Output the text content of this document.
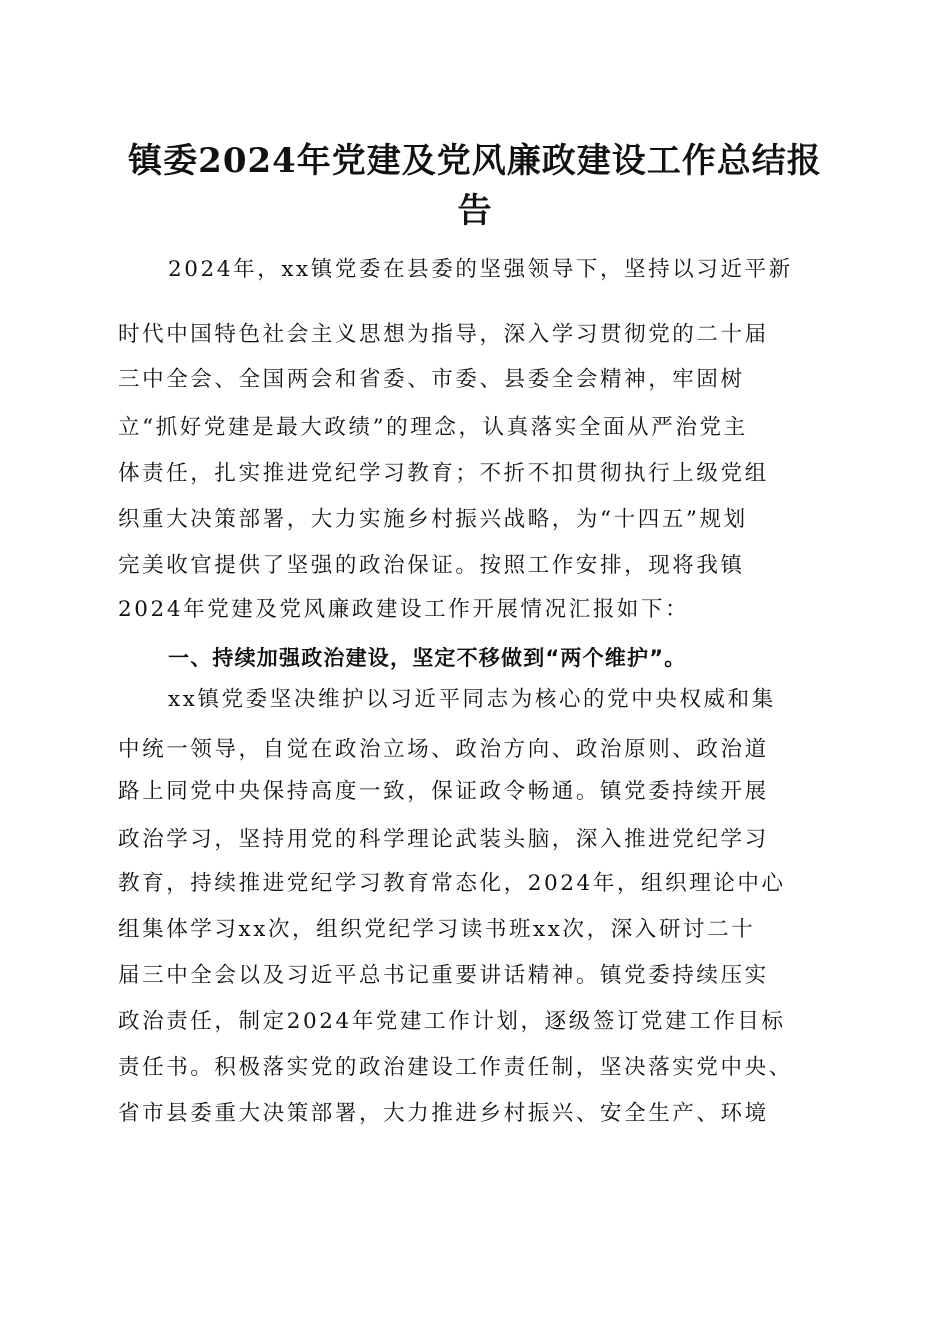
镇委2024年党建及党风廉政建设工作总结报告

2024年，xx镇党委在县委的坚强领导下，坚持以习近平新

时代中国特色社会主义思想为指导，深入学习贯彻党的二十届

三中全会、全国两会和省委、市委、县委全会精神，牢固树

立“抓好党建是最大政绩”的理念，认真落实全面从严治党主

体责任，扎实推进党纪学习教育；不折不扣贯彻执行上级党组

织重大决策部署，大力实施乡村振兴战略，为“十四五”规划

完美收官提供了坚强的政治保证。按照工作安排，现将我镇

2024年党建及党风廉政建设工作开展情况汇报如下：

一、持续加强政治建设，坚定不移做到“两个维护”。

xx镇党委坚决维护以习近平同志为核心的党中央权威和集

中统一领导，自觉在政治立场、政治方向、政治原则、政治道

路上同党中央保持高度一致，保证政令畅通。镇党委持续开展

政治学习，坚持用党的科学理论武装头脑，深入推进党纪学习

教育，持续推进党纪学习教育常态化，2024年，组织理论中心

组集体学习xx次，组织党纪学习读书班xx次，深入研讨二十

届三中全会以及习近平总书记重要讲话精神。镇党委持续压实

政治责任，制定2024年党建工作计划，逐级签订党建工作目标

责任书。积极落实党的政治建设工作责任制，坚决落实党中央、

省市县委重大决策部署，大力推进乡村振兴、安全生产、环境
